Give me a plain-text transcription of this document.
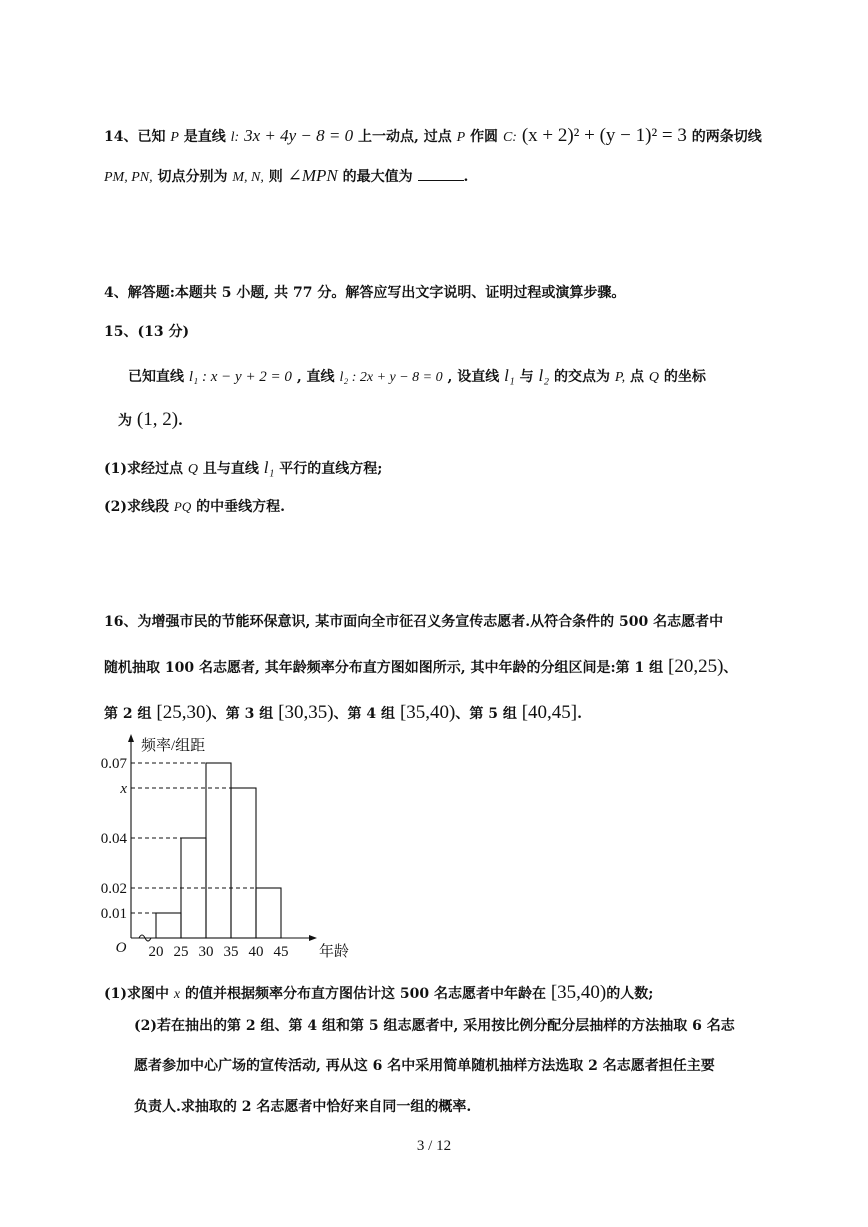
14、已知 P 是直线 l: 3x + 4y − 8 = 0 上一动点, 过点 P 作圆 C: (x + 2)² + (y − 1)² = 3 的两条切线
PM, PN, 切点分别为 M, N, 则 ∠MPN 的最大值为	.
4、解答题:本题共 5 小题, 共 77 分。解答应写出文字说明、证明过程或演算步骤。
15、(13 分)
已知直线 l₁ : x − y + 2 = 0 , 直线 l₂ : 2x + y − 8 = 0 , 设直线 l₁ 与 l₂ 的交点为 P, 点 Q 的坐标
为 (1, 2).
(1)求经过点 Q 且与直线 l₁ 平行的直线方程;
(2)求线段 PQ 的中垂线方程.
16、为增强市民的节能环保意识, 某市面向全市征召义务宣传志愿者.从符合条件的 500 名志愿者中
随机抽取 100 名志愿者, 其年龄频率分布直方图如图所示, 其中年龄的分组区间是:第 1 组 [20,25)、
第 2 组 [25,30)、第 3 组 [30,35)、第 4 组 [35,40)、第 5 组 [40,45].
0.07
x
0.04
0.02
0.01
20 25 30 35 40 45
O
频率/组距
年龄
(1)求图中 x 的值并根据频率分布直方图估计这 500 名志愿者中年龄在 [35,40)的人数;
(2)若在抽出的第 2 组、第 4 组和第 5 组志愿者中, 采用按比例分配分层抽样的方法抽取 6 名志
愿者参加中心广场的宣传活动, 再从这 6 名中采用简单随机抽样方法选取 2 名志愿者担任主要
负责人.求抽取的 2 名志愿者中恰好来自同一组的概率.
3 / 12
